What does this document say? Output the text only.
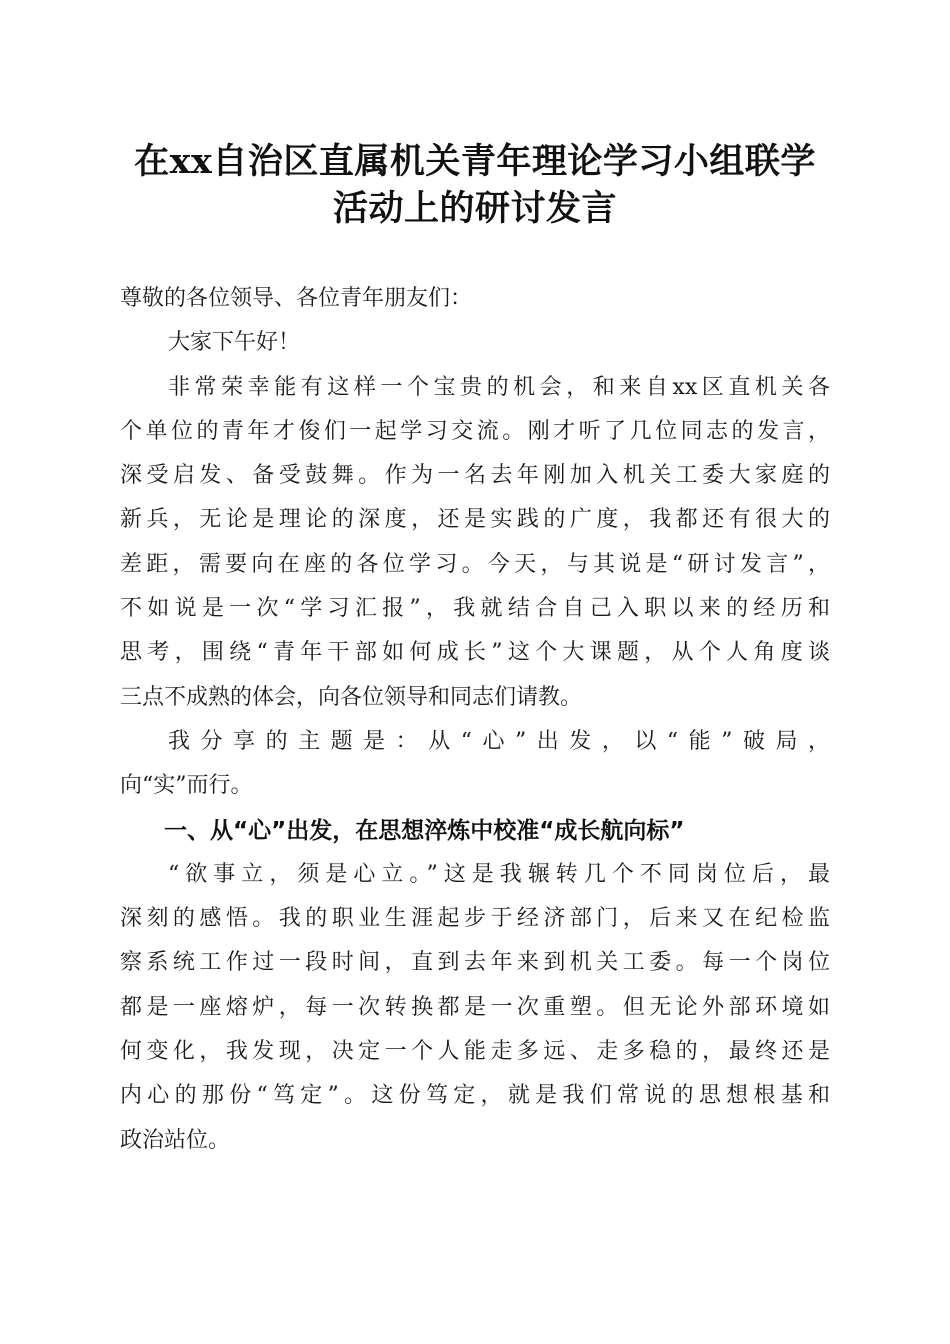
在xx自治区直属机关青年理论学习小组联学
活动上的研讨发言
尊敬的各位领导、各位青年朋友们：
大家下午好！
非常荣幸能有这样一个宝贵的机会，和来自xx区直机关各
个单位的青年才俊们一起学习交流。刚才听了几位同志的发言，
深受启发、备受鼓舞。作为一名去年刚加入机关工委大家庭的
新兵，无论是理论的深度，还是实践的广度，我都还有很大的
差距，需要向在座的各位学习。今天，与其说是“研讨发言”，
不如说是一次“学习汇报”，我就结合自己入职以来的经历和
思考，围绕“青年干部如何成长”这个大课题，从个人角度谈
三点不成熟的体会，向各位领导和同志们请教。
我分享的主题是：从“心”出发，以“能”破局，
向“实”而行。
一、从“心”出发，在思想淬炼中校准“成长航向标”
“欲事立，须是心立。”这是我辗转几个不同岗位后，最
深刻的感悟。我的职业生涯起步于经济部门，后来又在纪检监
察系统工作过一段时间，直到去年来到机关工委。每一个岗位
都是一座熔炉，每一次转换都是一次重塑。但无论外部环境如
何变化，我发现，决定一个人能走多远、走多稳的，最终还是
内心的那份“笃定”。这份笃定，就是我们常说的思想根基和
政治站位。
